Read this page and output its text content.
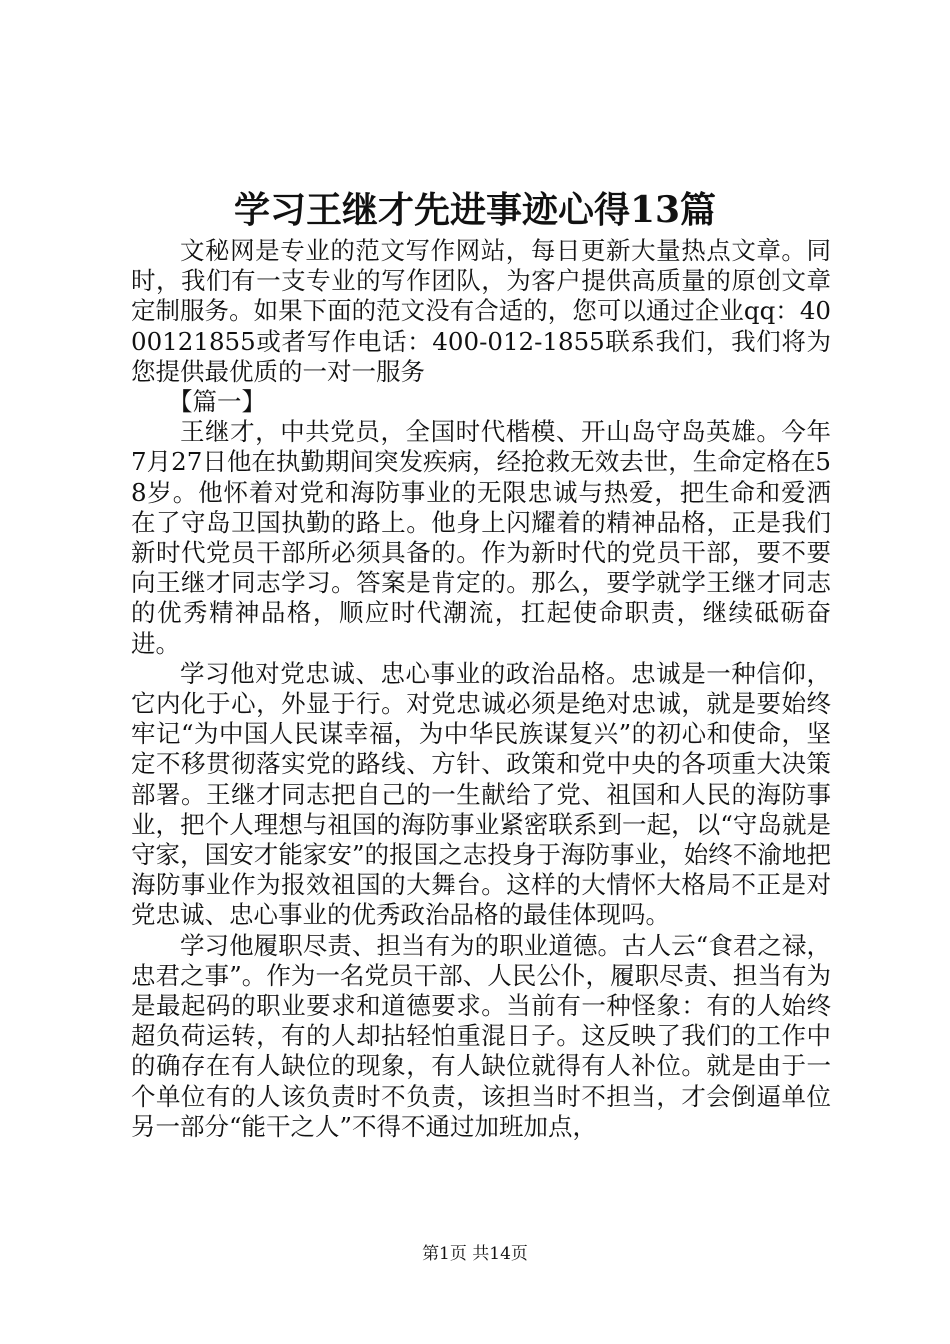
学习王继才先进事迹心得13篇

文秘网是专业的范文写作网站，每日更新大量热点文章。同时，我们有一支专业的写作团队，为客户提供高质量的原创文章定制服务。如果下面的范文没有合适的，您可以通过企业qq：4000121855或者写作电话：400-012-1855联系我们，我们将为您提供最优质的一对一服务

【篇一】

王继才，中共党员，全国时代楷模、开山岛守岛英雄。今年7月27日他在执勤期间突发疾病，经抢救无效去世，生命定格在58岁。他怀着对党和海防事业的无限忠诚与热爱，把生命和爱洒在了守岛卫国执勤的路上。他身上闪耀着的精神品格，正是我们新时代党员干部所必须具备的。作为新时代的党员干部，要不要向王继才同志学习。答案是肯定的。那么，要学就学王继才同志的优秀精神品格，顺应时代潮流，扛起使命职责，继续砥砺奋进。

学习他对党忠诚、忠心事业的政治品格。忠诚是一种信仰，它内化于心，外显于行。对党忠诚必须是绝对忠诚，就是要始终牢记“为中国人民谋幸福，为中华民族谋复兴”的初心和使命，坚定不移贯彻落实党的路线、方针、政策和党中央的各项重大决策部署。王继才同志把自己的一生献给了党、祖国和人民的海防事业，把个人理想与祖国的海防事业紧密联系到一起，以“守岛就是守家，国安才能家安”的报国之志投身于海防事业，始终不渝地把海防事业作为报效祖国的大舞台。这样的大情怀大格局不正是对党忠诚、忠心事业的优秀政治品格的最佳体现吗。

学习他履职尽责、担当有为的职业道德。古人云“食君之禄，忠君之事”。作为一名党员干部、人民公仆，履职尽责、担当有为是最起码的职业要求和道德要求。当前有一种怪象：有的人始终超负荷运转，有的人却拈轻怕重混日子。这反映了我们的工作中的确存在有人缺位的现象，有人缺位就得有人补位。就是由于一个单位有的人该负责时不负责，该担当时不担当，才会倒逼单位另一部分“能干之人”不得不通过加班加点，

第1页 共14页
